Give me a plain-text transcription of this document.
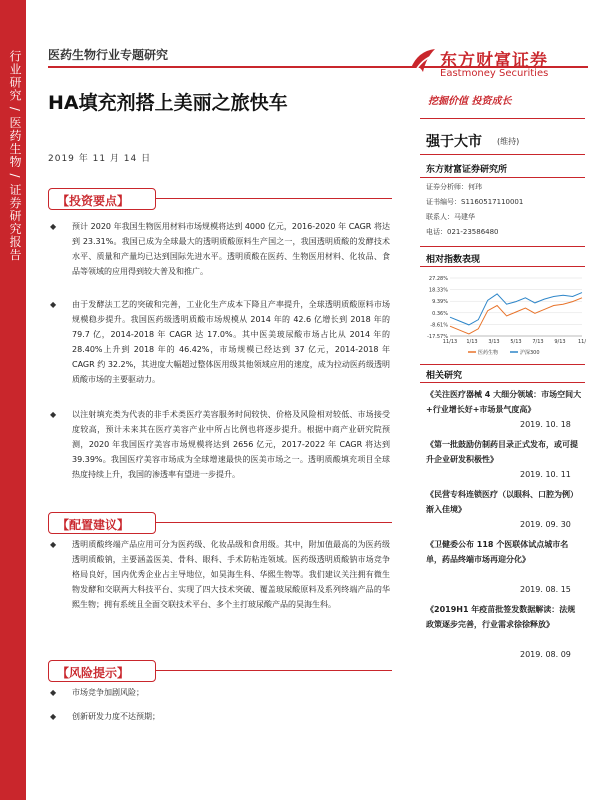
行业研究 / 医药生物 / 证券研究报告 医药生物行业专题研究
HA填充剂搭上美丽之旅快车
2019 年 11 月 14 日
东方财富证券
Eastmoney Securities
挖掘价值 投资成长
【投资要点】
◆ 预计 2020 年我国生物医用材料市场规模将达到 4000 亿元，2016-2020 年 CAGR 将达到 23.31%。我国已成为全球最大的透明质酸原料生产国之一，我国透明质酸的发酵技术水平、质量和产量均已达到国际先进水平。透明质酸在医药、生物医用材料、化妆品、食品等领域的应用得到较大普及和推广。
◆ 由于发酵法工艺的突破和完善，工业化生产成本下降且产率提升，全球透明质酸原料市场规模稳步提升。我国医药级透明质酸市场规模从 2014 年的 42.6 亿增长到 2018 年的 79.7 亿，2014-2018 年 CAGR 达 17.0%。其中医美玻尿酸市场占比从 2014 年的 28.40%上升到 2018 年的 46.42%，市场规模已经达到 37 亿元，2014-2018 年 CAGR 约 32.2%，其进度大幅超过整体医用级其他领域应用的速度，成为拉动医药级透明质酸市场的主要驱动力。
◆ 以注射填充类为代表的非手术类医疗美容服务时间较快、价格及风险相对较低、市场接受度较高，预计未来其在医疗美容产业中所占比例也将逐步提升。根据中商产业研究院预测，2020 年我国医疗美容市场规模将达到 2656 亿元，2017-2022 年 CAGR 将达到 39.39%。我国医疗美容市场成为全球增速最快的医美市场之一。透明质酸填充项目全球热度持续上升，我国的渗透率有望进一步提升。
【配置建议】
◆ 透明质酸终端产品应用可分为医药级、化妆品级和食用级。其中，附加值最高的为医药级透明质酸钠，主要涵盖医美、骨科、眼科、手术防粘连领域。医药级透明质酸钠市场竞争格局良好，国内优秀企业占主导地位，如昊海生科、华熙生物等。我们建议关注拥有微生物发酵和交联两大科技平台、实现了四大技术突破、覆盖玻尿酸原料及系列终端产品的华熙生物；拥有系统且全面交联技术平台、多个主打玻尿酸产品的昊海生科。
【风险提示】
◆ 市场竞争加剧风险；
◆ 创新研发力度不达预期；
强于大市 (维持)
东方财富证券研究所
证券分析师：何玮
证书编号：S1160517110001
联系人：马建华
电话：021-23586480
相对指数表现
27.28%
18.33%
9.39%
0.36%
-8.61%
-17.57%
11/13 1/13 3/13 5/13 7/13 9/13 11/
医药生物	沪深300
相关研究
《关注医疗器械 4 大细分领域：市场空间大+行业增长好+市场景气度高》
2019. 10. 18
《第一批鼓励仿制药目录正式发布，或可提升企业研发积极性》
2019. 10. 11
《民营专科连锁医疗（以眼科、口腔为例）渐入佳境》
2019. 09. 30
《卫健委公布 118 个医联体试点城市名单，药品终端市场再迎分化》
2019. 08. 15
《2019H1 年疫苗批签发数据解读：法规政策逐步完善，行业需求徐徐释放》
2019. 08. 09
